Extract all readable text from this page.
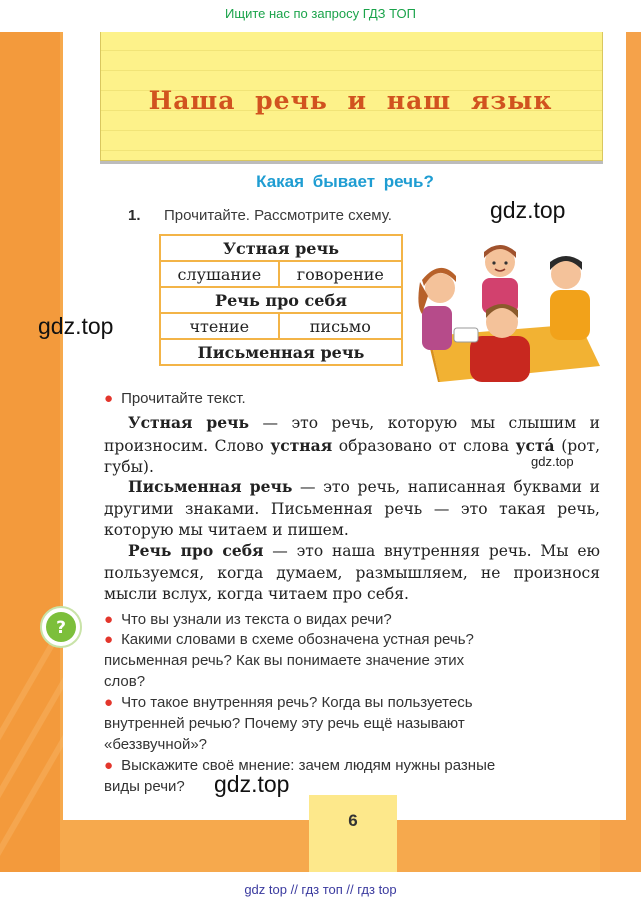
Ищите нас по запросу ГДЗ ТОП
Наша речь и наш язык
Какая бывает речь?
1. Прочитайте. Рассмотрите схему.	gdz.top
gdz.top
gdz.top
gdz.top
Устная речь	
слушание	говорение
Речь про себя	
чтение	письмо
Письменная речь	
● Прочитайте текст.
Устная речь — это речь, которую мы слышим и произносим. Слово устная образовано от слова уста́ (рот, губы).
Письменная речь — это речь, написанная буквами и другими знаками. Письменная речь — это такая речь, которую мы читаем и пишем.
Речь про себя — это наша внутренняя речь. Мы ею пользуемся, когда думаем, размышляем, не произнося мысли вслух, когда читаем про себя.
?	● Что вы узнали из текста о видах речи?
● Какими словами в схеме обозначена устная речь?
письменная речь? Как вы понимаете значение этих
слов?
● Что такое внутренняя речь? Когда вы пользуетесь
внутренней речью? Почему эту речь ещё называют
«беззвучной»?
● Выскажите своё мнение: зачем людям нужны разные
виды речи?
6
gdz top // гдз топ // гдз top
